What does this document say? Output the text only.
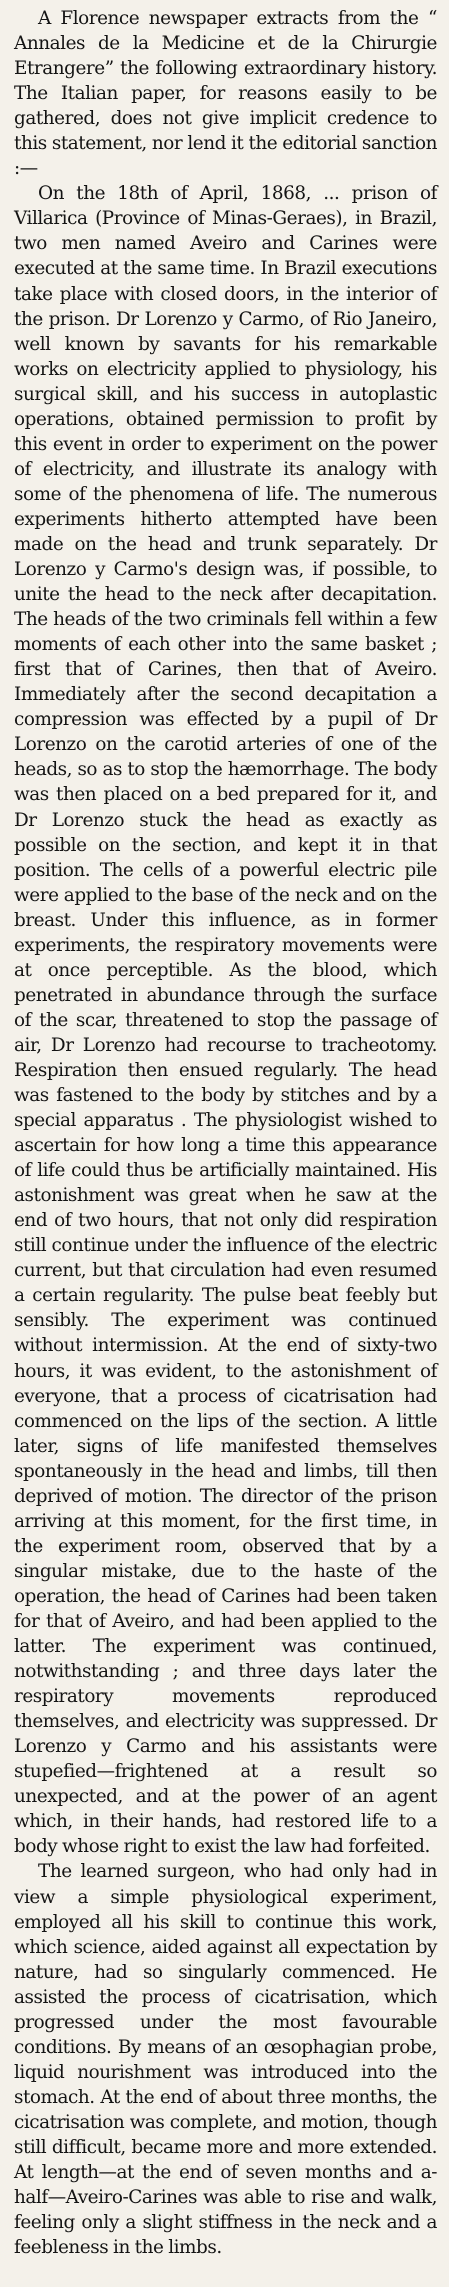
A Florence newspaper extracts from the “ Annales de la Medicine et de la Chirurgie Etrangere” the following extraordinary history. The Italian paper, for reasons easily to be gathered, does not give implicit credence to this statement, nor lend it the editorial sanction :—

On the 18th of April, 1868, ... prison of Villarica (Province of Minas-Geraes), in Brazil, two men named Aveiro and Carines were executed at the same time. In Brazil executions take place with closed doors, in the interior of the prison. Dr Lorenzo y Carmo, of Rio Janeiro, well known by savants for his remarkable works on electricity applied to physiology, his surgical skill, and his success in autoplastic operations, obtained permission to profit by this event in order to experiment on the power of electricity, and illustrate its analogy with some of the phenomena of life. The numerous experiments hitherto attempted have been made on the head and trunk separately. Dr Lorenzo y Carmo's design was, if possible, to unite the head to the neck after decapitation. The heads of the two criminals fell within a few moments of each other into the same basket ; first that of Carines, then that of Aveiro. Immediately after the second decapitation a compression was effected by a pupil of Dr Lorenzo on the carotid arteries of one of the heads, so as to stop the hæmorrhage. The body was then placed on a bed prepared for it, and Dr Lorenzo stuck the head as exactly as possible on the section, and kept it in that position. The cells of a powerful electric pile were applied to the base of the neck and on the breast. Under this influence, as in former experiments, the respiratory movements were at once perceptible. As the blood, which penetrated in abundance through the surface of the scar, threatened to stop the passage of air, Dr Lorenzo had recourse to tracheotomy. Respiration then ensued regularly. The head was fastened to the body by stitches and by a special apparatus . The physiologist wished to ascertain for how long a time this appearance of life could thus be artificially maintained. His astonishment was great when he saw at the end of two hours, that not only did respiration still continue under the influence of the electric current, but that circulation had even resumed a certain regularity. The pulse beat feebly but sensibly. The experiment was continued without intermission. At the end of sixty-two hours, it was evident, to the astonishment of everyone, that a process of cicatrisation had commenced on the lips of the section. A little later, signs of life manifested themselves spontaneously in the head and limbs, till then deprived of motion. The director of the prison arriving at this moment, for the first time, in the experiment room, observed that by a singular mistake, due to the haste of the operation, the head of Carines had been taken for that of Aveiro, and had been applied to the latter. The experiment was continued, notwithstanding ; and three days later the respiratory movements reproduced themselves, and electricity was suppressed. Dr Lorenzo y Carmo and his assistants were stupefied—frightened at a result so unexpected, and at the power of an agent which, in their hands, had restored life to a body whose right to exist the law had forfeited.

The learned surgeon, who had only had in view a simple physiological experiment, employed all his skill to continue this work, which science, aided against all expectation by nature, had so singularly commenced. He assisted the process of cicatrisation, which progressed under the most favourable conditions. By means of an œsophagian probe, liquid nourishment was introduced into the stomach. At the end of about three months, the cicatrisation was complete, and motion, though still difficult, became more and more extended. At length—at the end of seven months and a-half—Aveiro-Carines was able to rise and walk, feeling only a slight stiffness in the neck and a feebleness in the limbs.
